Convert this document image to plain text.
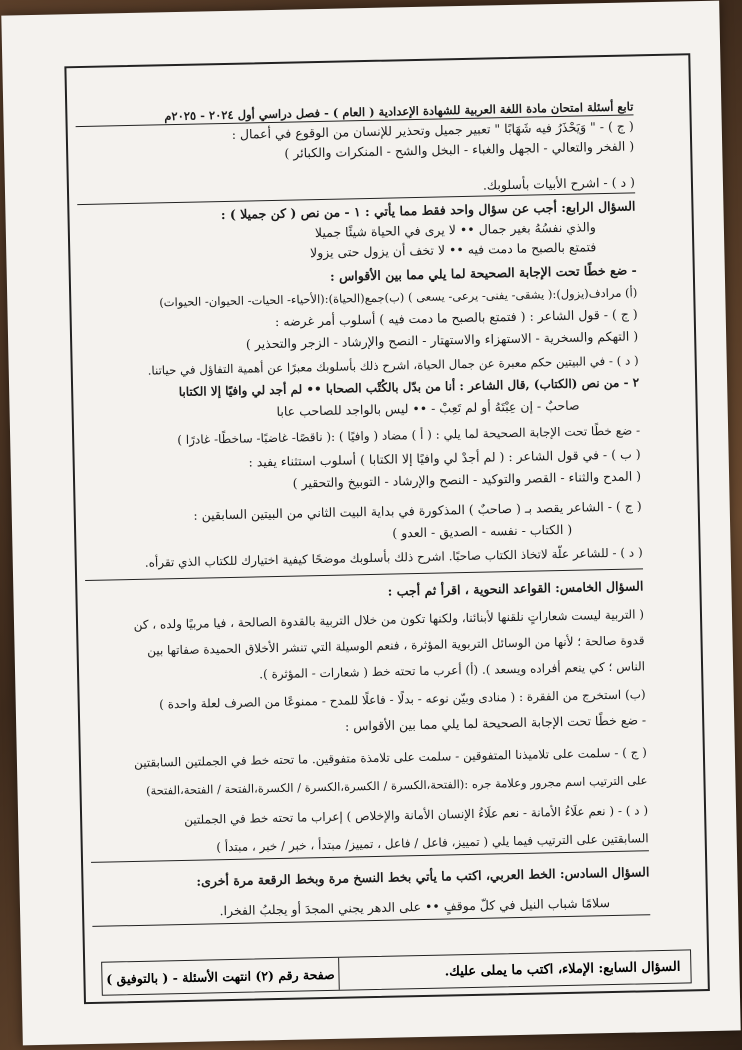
تابع أسئلة امتحان مادة اللغة العربية للشهادة الإعدادية ( العام ) - فصل دراسي أول ٢٠٢٤ - ٢٠٢٥م
( ج ) - " وَيَحْذَرُ فيه شَهَابًا " تعبير جميل وتحذير للإنسان من الوقوع في أعمال :
( الفخر والتعالي - الجهل والغباء - البخل والشح - المنكرات والكبائر )
( د ) - اشرح الأبيات بأسلوبك.
السؤال الرابع: أجب عن سؤال واحد فقط مما يأتي : ١ - من نص ( كن جميلا ) :
والذي نفسُهُ بغير جمال •• لا يرى في الحياة شيئًا جميلا
فتمتع بالصبح ما دمت فيه •• لا تخف أن يزول حتى يزولا
- ضع خطًا تحت الإجابة الصحيحة لما يلي مما بين الأقواس :
(أ) مرادف(يزول):( يشقى- يفنى- يرعى- يسعى ) (ب)جمع(الحياة):(الأحياء- الحيات- الحيوان- الحيوات)
( ج ) - قول الشاعر : ( فتمتع بالصبح ما دمت فيه ) أسلوب أمر غرضه :
( التهكم والسخرية - الاستهزاء والاستهتار - النصح والإرشاد - الزجر والتحذير )
( د ) - في البيتين حكم معبرة عن جمال الحياة، اشرح ذلك بأسلوبك معبرًا عن أهمية التفاؤل في حياتنا.
٢ - من نص (الكتاب) ,قال الشاعر : أنا من بدّل بالكُتْب الصحابا •• لم أجد لي وافيًا إلا الكتابا
صاحبٌ - إن عِبْتَهُ أو لم تَعِبْ - •• ليس بالواجد للصاحب عابا
- ضع خطًا تحت الإجابة الصحيحة لما يلي : ( أ ) مضاد ( وافيًا ) :( ناقصًا- غاضبًا- ساخطًا- غادرًا )
( ب ) - في قول الشاعر : ( لم أجدْ لي وافيًا إلا الكتابا ) أسلوب استثناء يفيد :
( المدح والثناء - القصر والتوكيد - النصح والإرشاد - التوبيخ والتحقير )
( ج ) - الشاعر يقصد بـ ( صاحبٌ ) المذكورة في بداية البيت الثاني من البيتين السابقين :
( الكتاب - نفسه - الصديق - العدو )
( د ) - للشاعر علّة لاتخاذ الكتاب صاحبًا. اشرح ذلك بأسلوبك موضحًا كيفية اختيارك للكتاب الذي تقرأه.
السؤال الخامس: القواعد النحوية ، اقرأ ثم أجب :
( التربية ليست شعاراتٍ نلقنها لأبنائنا، ولكنها تكون من خلال التربية بالقدوة الصالحة ، فيا مربيًا ولده ، كن
قدوة صالحة ؛ لأنها من الوسائل التربوية المؤثرة ، فنعم الوسيلة التي تنشر الأخلاق الحميدة صفاتها بين
الناس ؛ كي ينعم أفراده ويسعد ). (أ) أعرب ما تحته خط ( شعارات - المؤثرة ).
(ب) استخرج من الفقرة : ( منادى وبيّن نوعه - بدلًا - فاعلًا للمدح - ممنوعًا من الصرف لعلة واحدة )
- ضع خطًا تحت الإجابة الصحيحة لما يلي مما بين الأقواس :
( ج ) - سلمت على تلاميذنا المتفوقين - سلمت على تلامذة متفوقين. ما تحته خط في الجملتين السابقتين
على الترتيب اسم مجرور وعلامة جره :(الفتحة،الكسرة / الكسرة،الكسرة / الكسرة،الفتحة / الفتحة،الفتحة)
( د ) - ( نعم علَاءُ الأمانة - نعم علَاءُ الإنسان الأمانة والإخلاص ) إعراب ما تحته خط في الجملتين
السابقتين على الترتيب فيما يلي ( تمييز، فاعل / فاعل ، تمييز/ مبتدأ ، خبر / خبر ، مبتدأ )
السؤال السادس: الخط العربي، اكتب ما يأتي بخط النسخ مرة وبخط الرقعة مرة أخرى:
سلامًا شباب النيل في كلّ موقفٍ •• على الدهر يجني المجدَ أو يجلبُ الفخرا.
السؤال السابع: الإملاء، اكتب ما يملى عليك.
صفحة رقم (٢) انتهت الأسئلة - ( بالتوفيق )
